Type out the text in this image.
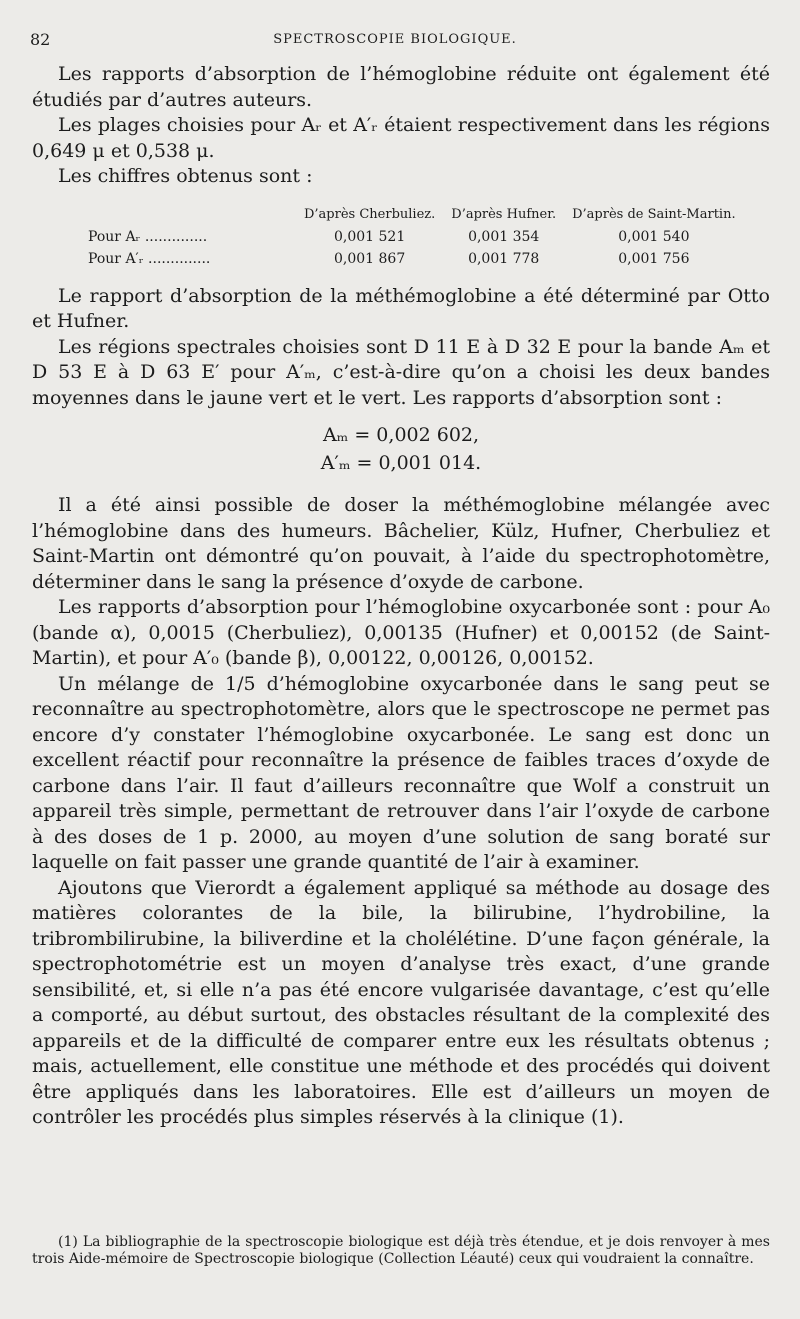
82	SPECTROSCOPIE BIOLOGIQUE.

Les rapports d’absorption de l’hémoglobine réduite ont également été étudiés par d’autres auteurs.

Les plages choisies pour Aᵣ et A′ᵣ étaient respectivement dans les régions 0,649 μ et 0,538 μ.

Les chiffres obtenus sont :

	D’après Cherbuliez.	D’après Hufner.	D’après de Saint-Martin.
Pour Aᵣ ..............	0,001 521	0,001 354	0,001 540
Pour A′ᵣ ..............	0,001 867	0,001 778	0,001 756

Le rapport d’absorption de la méthémoglobine a été déterminé par Otto et Hufner.

Les régions spectrales choisies sont D 11 E à D 32 E pour la bande Aₘ et D 53 E à D 63 E′ pour A′ₘ, c’est-à-dire qu’on a choisi les deux bandes moyennes dans le jaune vert et le vert. Les rapports d’absorption sont :

Aₘ = 0,002 602,
A′ₘ = 0,001 014.

Il a été ainsi possible de doser la méthémoglobine mélangée avec l’hémoglobine dans des humeurs. Bâchelier, Külz, Hufner, Cherbuliez et Saint-Martin ont démontré qu’on pouvait, à l’aide du spectrophotomètre, déterminer dans le sang la présence d’oxyde de carbone.

Les rapports d’absorption pour l’hémoglobine oxycarbonée sont : pour A₀ (bande α), 0,0015 (Cherbuliez), 0,00135 (Hufner) et 0,00152 (de Saint-Martin), et pour A′₀ (bande β), 0,00122, 0,00126, 0,00152.

Un mélange de 1/5 d’hémoglobine oxycarbonée dans le sang peut se reconnaître au spectrophotomètre, alors que le spectroscope ne permet pas encore d’y constater l’hémoglobine oxycarbonée. Le sang est donc un excellent réactif pour reconnaître la présence de faibles traces d’oxyde de carbone dans l’air. Il faut d’ailleurs reconnaître que Wolf a construit un appareil très simple, permettant de retrouver dans l’air l’oxyde de carbone à des doses de 1 p. 2000, au moyen d’une solution de sang boraté sur laquelle on fait passer une grande quantité de l’air à examiner.

Ajoutons que Vierordt a également appliqué sa méthode au dosage des matières colorantes de la bile, la bilirubine, l’hydrobiline, la tribrombilirubine, la biliverdine et la cholélétine. D’une façon générale, la spectrophotométrie est un moyen d’analyse très exact, d’une grande sensibilité, et, si elle n’a pas été encore vulgarisée davantage, c’est qu’elle a comporté, au début surtout, des obstacles résultant de la complexité des appareils et de la difficulté de comparer entre eux les résultats obtenus ; mais, actuellement, elle constitue une méthode et des procédés qui doivent être appliqués dans les laboratoires. Elle est d’ailleurs un moyen de contrôler les procédés plus simples réservés à la clinique (1).

(1) La bibliographie de la spectroscopie biologique est déjà très étendue, et je dois renvoyer à mes trois Aide-mémoire de Spectroscopie biologique (Collection Léauté) ceux qui voudraient la connaître.
